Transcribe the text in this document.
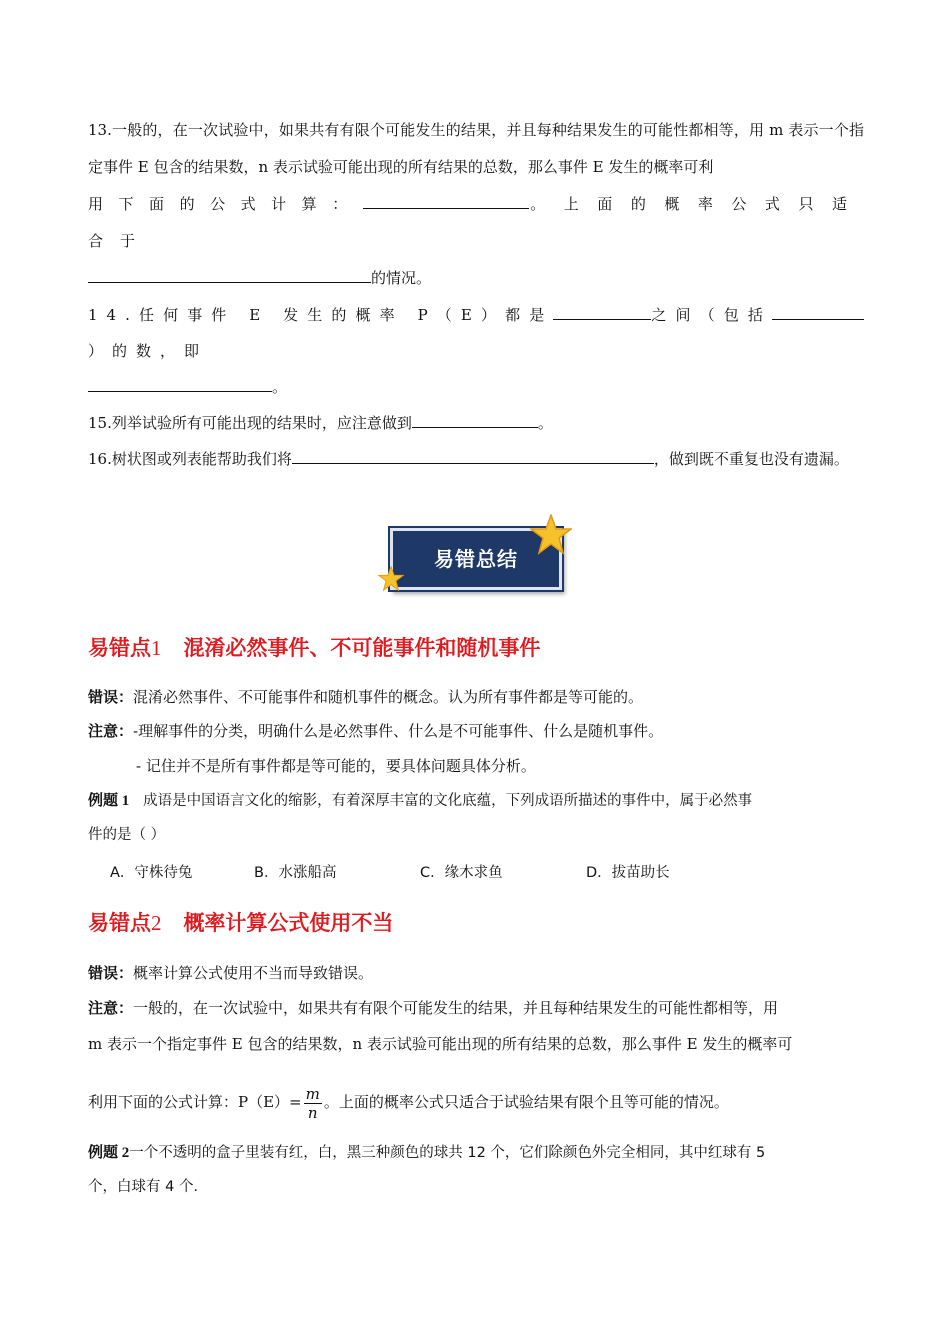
13.一般的，在一次试验中，如果共有有限个可能发生的结果，并且每种结果发生的可能性都相等，用 m 表示一个指定事件 E 包含的结果数，n 表示试验可能出现的所有结果的总数，那么事件 E 发生的概率可利
用下面的公式计算：	。上面的概率公式只适合于
的情况。

14.任何事件 E 发生的概率 P（E）都是	之间（包括）的数，即
。

15.列举试验所有可能出现的结果时，应注意做到	。

16.树状图或列表能帮助我们将	，做到既不重复也没有遗漏。

易错总结
易错点1 混淆必然事件、不可能事件和随机事件
错误：混淆必然事件、不可能事件和随机事件的概念。认为所有事件都是等可能的。
注意：-理解事件的分类，明确什么是必然事件、什么是不可能事件、什么是随机事件。
- 记住并不是所有事件都是等可能的，要具体问题具体分析。
例题 1 成语是中国语言文化的缩影，有着深厚丰富的文化底蕴，下列成语所描述的事件中，属于必然事
件的是（ ）
A．守株待兔	B．水涨船高	C．缘木求鱼	D．拔苗助长
易错点2 概率计算公式使用不当
错误：概率计算公式使用不当而导致错误。
注意：一般的，在一次试验中，如果共有有限个可能发生的结果，并且每种结果发生的可能性都相等，用
m 表示一个指定事件 E 包含的结果数，n 表示试验可能出现的所有结果的总数，那么事件 E 发生的概率可
利用下面的公式计算：$P(E)= \frac{m}{n}$ 。上面的概率公式只适合于试验结果有限个且等可能的情况。
例题 2一个不透明的盒子里装有红，白，黑三种颜色的球共 12 个，它们除颜色外完全相同，其中红球有 5
个，白球有 4 个．
